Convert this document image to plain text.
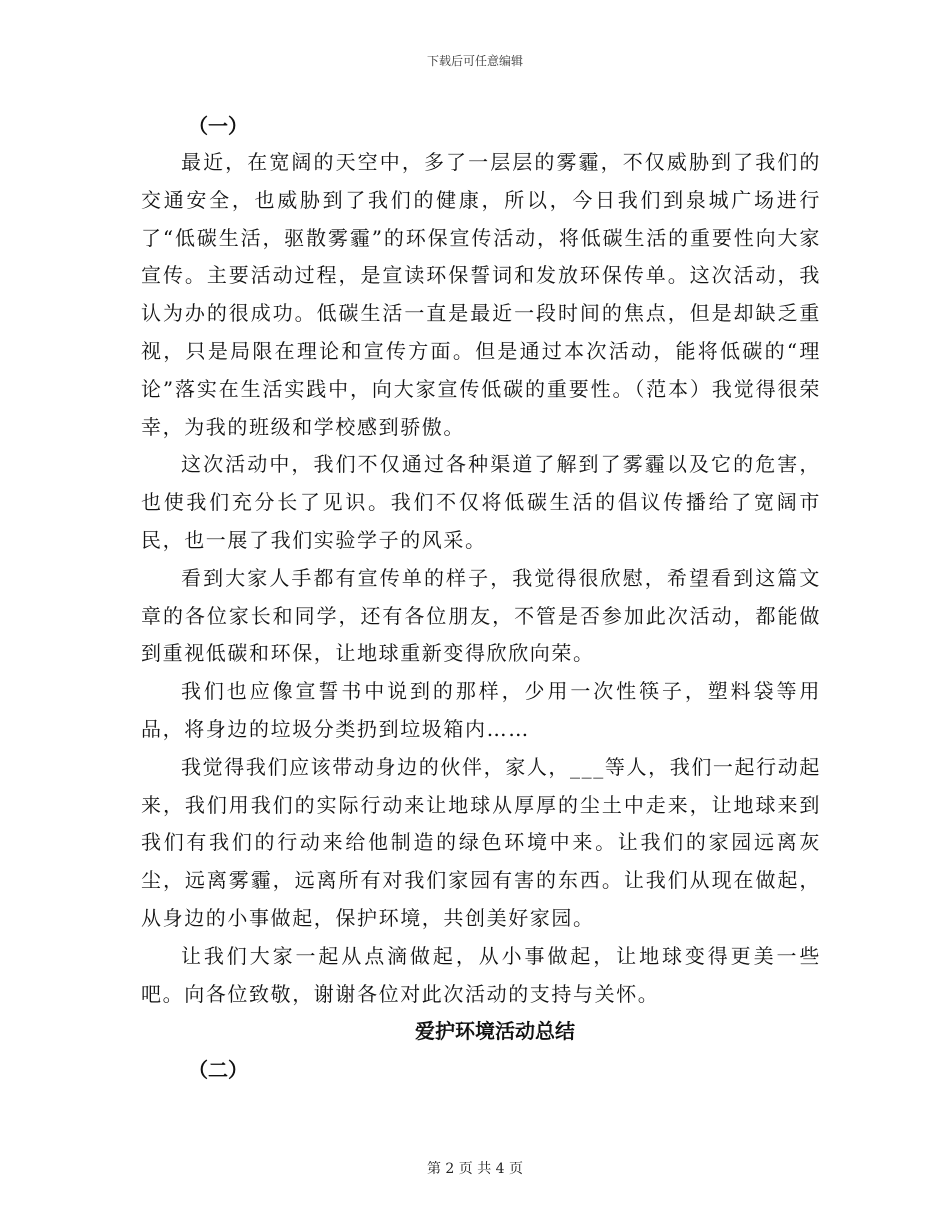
下载后可任意编辑
（一）

最近，在宽阔的天空中，多了一层层的雾霾，不仅威胁到了我们的交通安全，也威胁到了我们的健康，所以，今日我们到泉城广场进行了“低碳生活，驱散雾霾”的环保宣传活动，将低碳生活的重要性向大家宣传。主要活动过程，是宣读环保誓词和发放环保传单。这次活动，我认为办的很成功。低碳生活一直是最近一段时间的焦点，但是却缺乏重视，只是局限在理论和宣传方面。但是通过本次活动，能将低碳的“理论”落实在生活实践中，向大家宣传低碳的重要性。（范本）我觉得很荣幸，为我的班级和学校感到骄傲。

这次活动中，我们不仅通过各种渠道了解到了雾霾以及它的危害，也使我们充分长了见识。我们不仅将低碳生活的倡议传播给了宽阔市民，也一展了我们实验学子的风采。

看到大家人手都有宣传单的样子，我觉得很欣慰，希望看到这篇文章的各位家长和同学，还有各位朋友，不管是否参加此次活动，都能做到重视低碳和环保，让地球重新变得欣欣向荣。

我们也应像宣誓书中说到的那样，少用一次性筷子，塑料袋等用品，将身边的垃圾分类扔到垃圾箱内……

我觉得我们应该带动身边的伙伴，家人，___等人，我们一起行动起来，我们用我们的实际行动来让地球从厚厚的尘土中走来，让地球来到我们有我们的行动来给他制造的绿色环境中来。让我们的家园远离灰尘，远离雾霾，远离所有对我们家园有害的东西。让我们从现在做起，从身边的小事做起，保护环境，共创美好家园。

让我们大家一起从点滴做起，从小事做起，让地球变得更美一些吧。向各位致敬，谢谢各位对此次活动的支持与关怀。

爱护环境活动总结

（二）
第 2 页 共 4 页
